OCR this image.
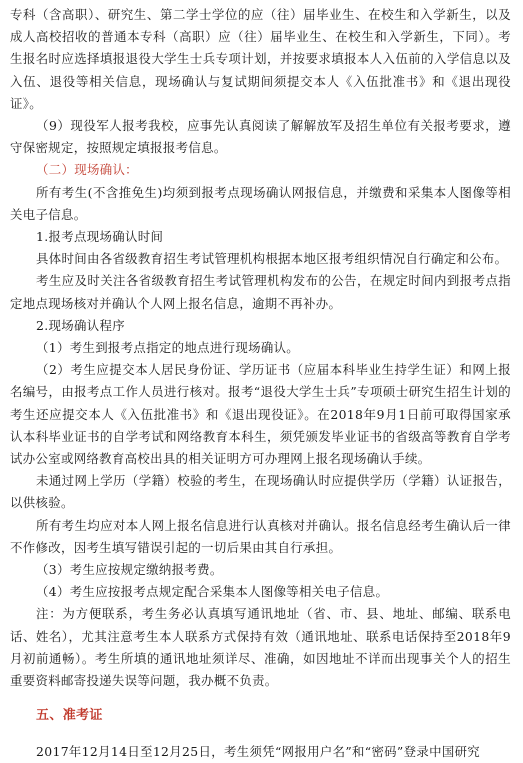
专科（含高职）、研究生、第二学士学位的应（往）届毕业生、在校生和入学新生，以及成人高校招收的普通本专科（高职）应（往）届毕业生、在校生和入学新生，下同）。考生报名时应选择填报退役大学生士兵专项计划，并按要求填报本人入伍前的入学信息以及入伍、退役等相关信息，现场确认与复试期间须提交本人《入伍批准书》和《退出现役证》。

（9）现役军人报考我校，应事先认真阅读了解解放军及招生单位有关报考要求，遵守保密规定，按照规定填报报考信息。

（二）现场确认：

所有考生(不含推免生)均须到报考点现场确认网报信息，并缴费和采集本人图像等相关电子信息。

1.报考点现场确认时间

具体时间由各省级教育招生考试管理机构根据本地区报考组织情况自行确定和公布。

考生应及时关注各省级教育招生考试管理机构发布的公告，在规定时间内到报考点指定地点现场核对并确认个人网上报名信息，逾期不再补办。

2.现场确认程序

（1）考生到报考点指定的地点进行现场确认。

（2）考生应提交本人居民身份证、学历证书（应届本科毕业生持学生证）和网上报名编号，由报考点工作人员进行核对。报考“退役大学生士兵”专项硕士研究生招生计划的考生还应提交本人《入伍批准书》和《退出现役证》。在2018年9月1日前可取得国家承认本科毕业证书的自学考试和网络教育本科生，须凭颁发毕业证书的省级高等教育自学考试办公室或网络教育高校出具的相关证明方可办理网上报名现场确认手续。

未通过网上学历（学籍）校验的考生，在现场确认时应提供学历（学籍）认证报告，以供核验。

所有考生均应对本人网上报名信息进行认真核对并确认。报名信息经考生确认后一律不作修改，因考生填写错误引起的一切后果由其自行承担。

（3）考生应按规定缴纳报考费。

（4）考生应按报考点规定配合采集本人图像等相关电子信息。

注：为方便联系，考生务必认真填写通讯地址（省、市、县、地址、邮编、联系电话、姓名），尤其注意考生本人联系方式保持有效（通讯地址、联系电话保持至2018年9月初前通畅）。考生所填的通讯地址须详尽、准确，如因地址不详而出现事关个人的招生重要资料邮寄投递失误等问题，我办概不负责。

五、准考证

2017年12月14日至12月25日，考生须凭“网报用户名”和“密码”登录中国研究
